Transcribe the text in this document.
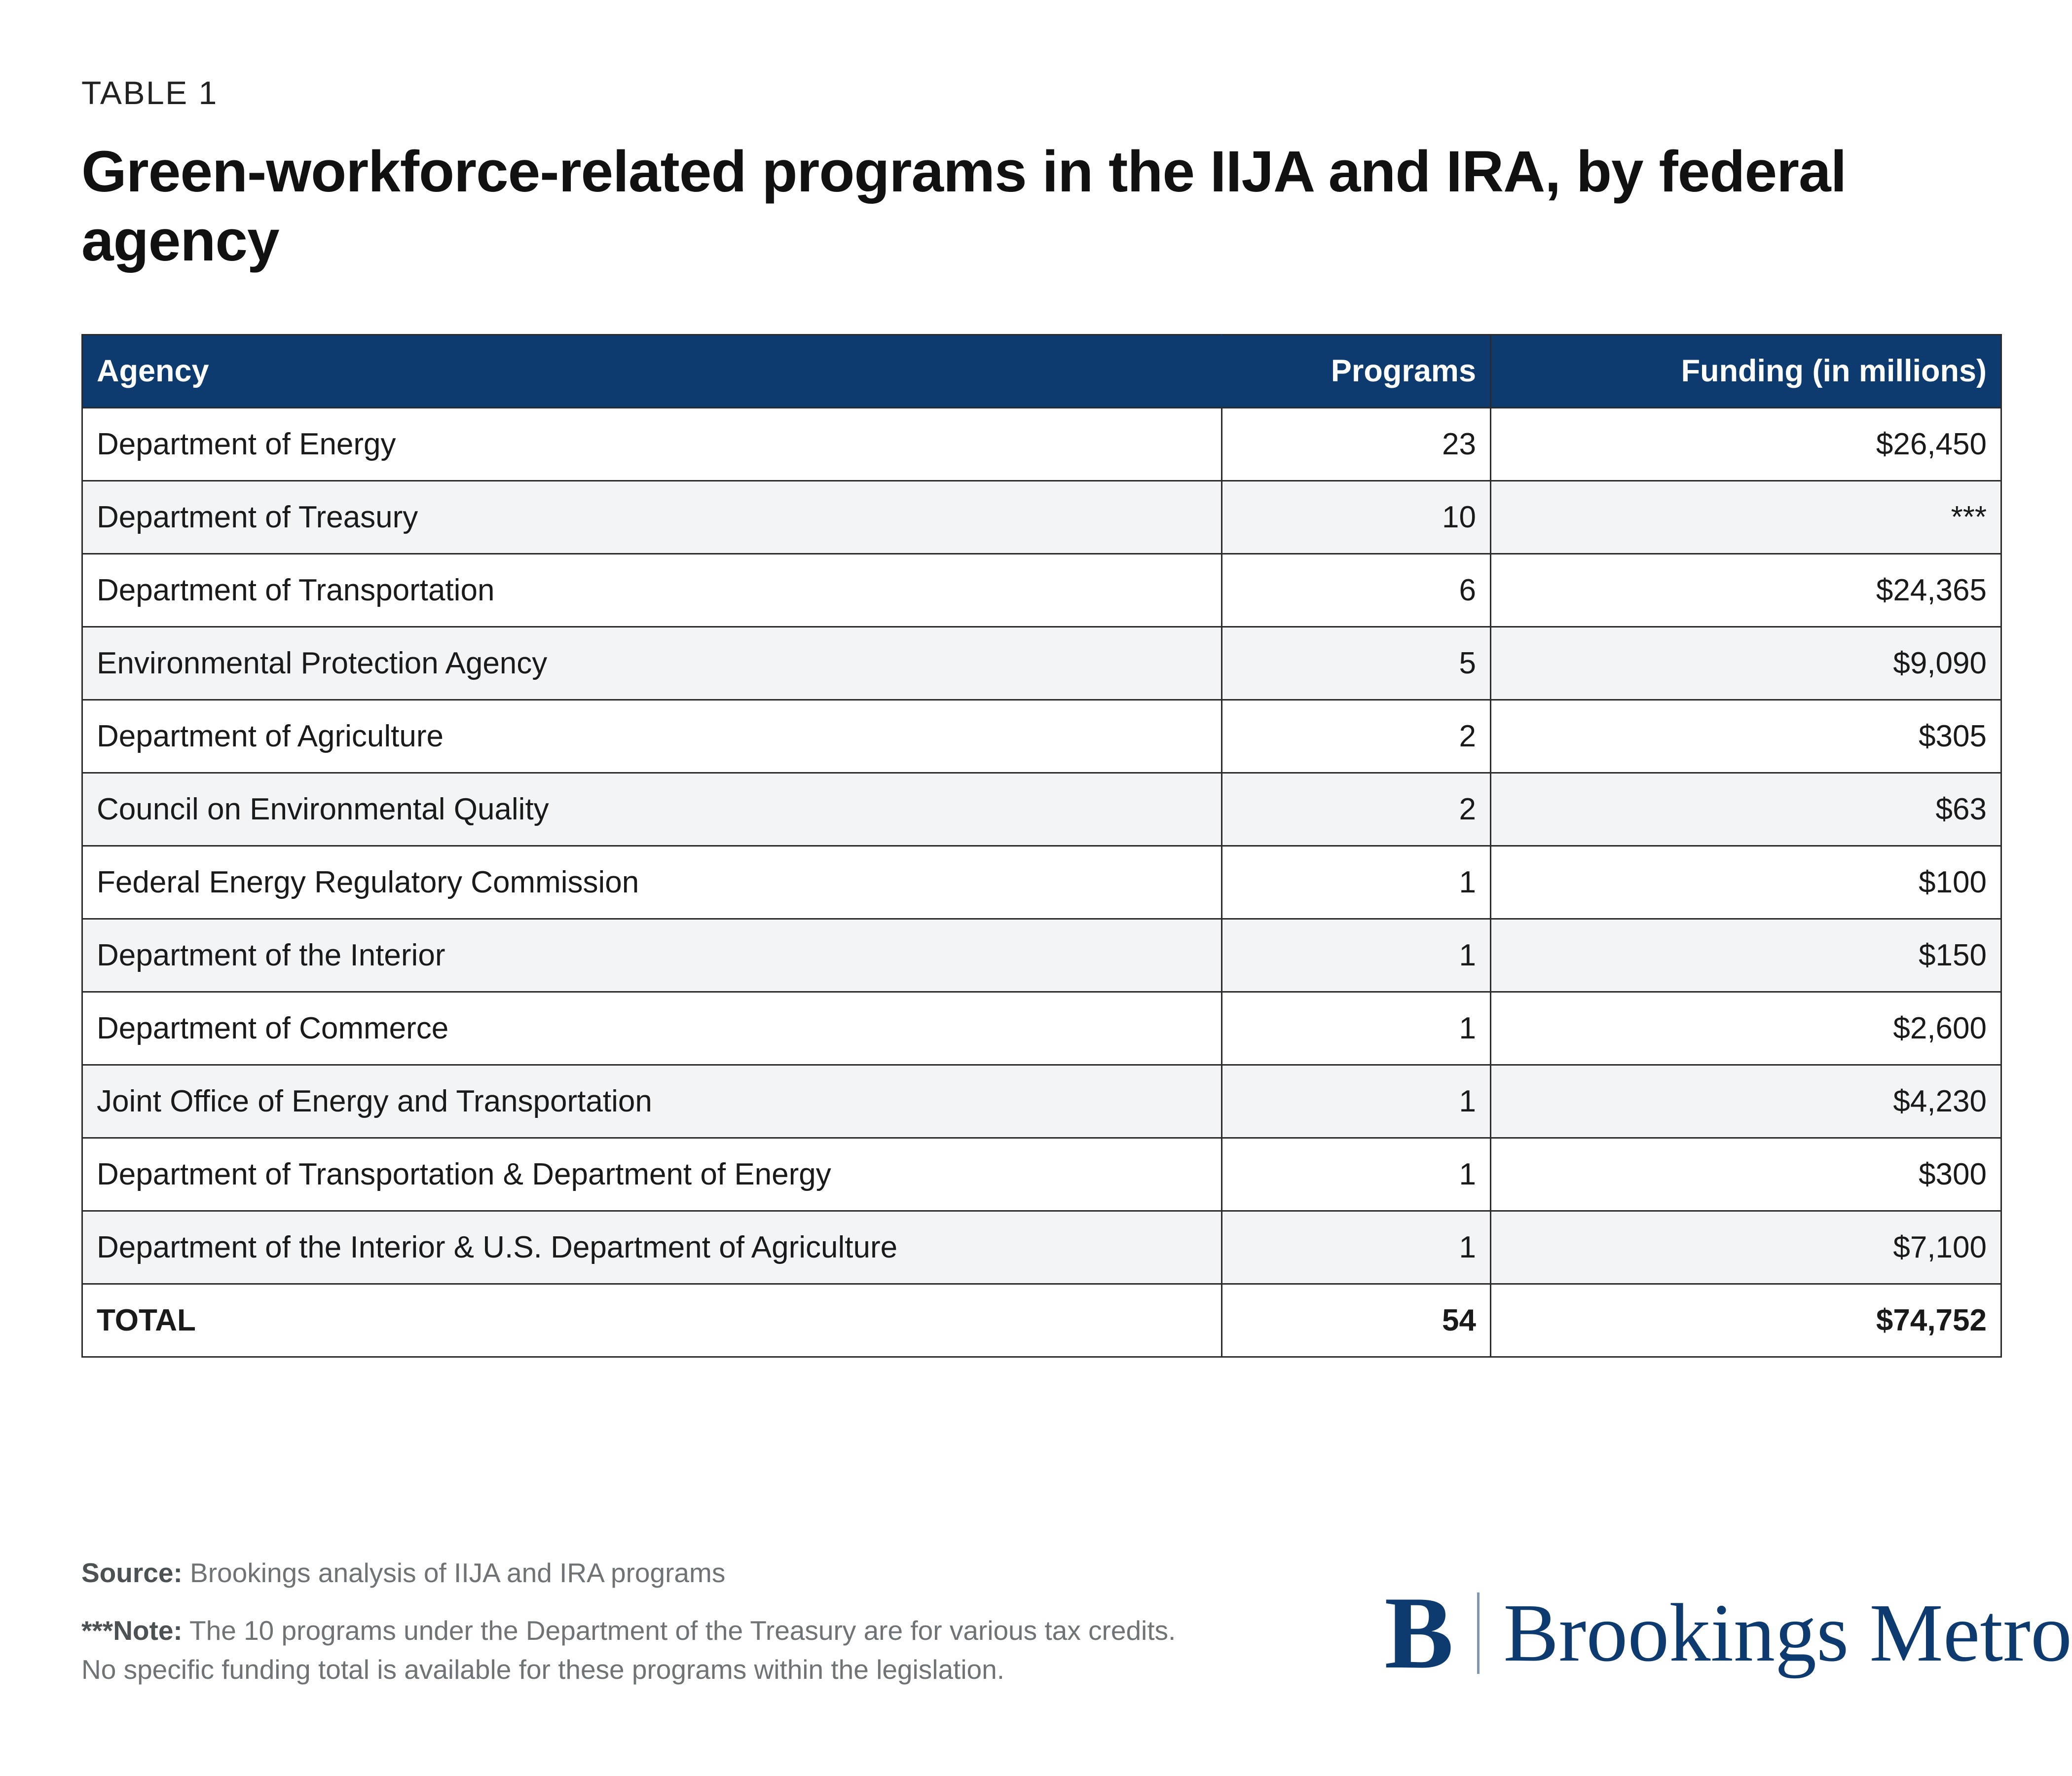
TABLE 1
Green-workforce-related programs in the IIJA and IRA, by federal agency
Agency	Programs	Funding (in millions)
Department of Energy	23	$26,450
Department of Treasury	10	***
Department of Transportation	6	$24,365
Environmental Protection Agency	5	$9,090
Department of Agriculture	2	$305
Council on Environmental Quality	2	$63
Federal Energy Regulatory Commission	1	$100
Department of the Interior	1	$150
Department of Commerce	1	$2,600
Joint Office of Energy and Transportation	1	$4,230
Department of Transportation & Department of Energy	1	$300
Department of the Interior & U.S. Department of Agriculture	1	$7,100
TOTAL	54	$74,752
Source: Brookings analysis of IIJA and IRA programs
***Note: The 10 programs under the Department of the Treasury are for various tax credits. No specific funding total is available for these programs within the legislation.	B Brookings Metro
